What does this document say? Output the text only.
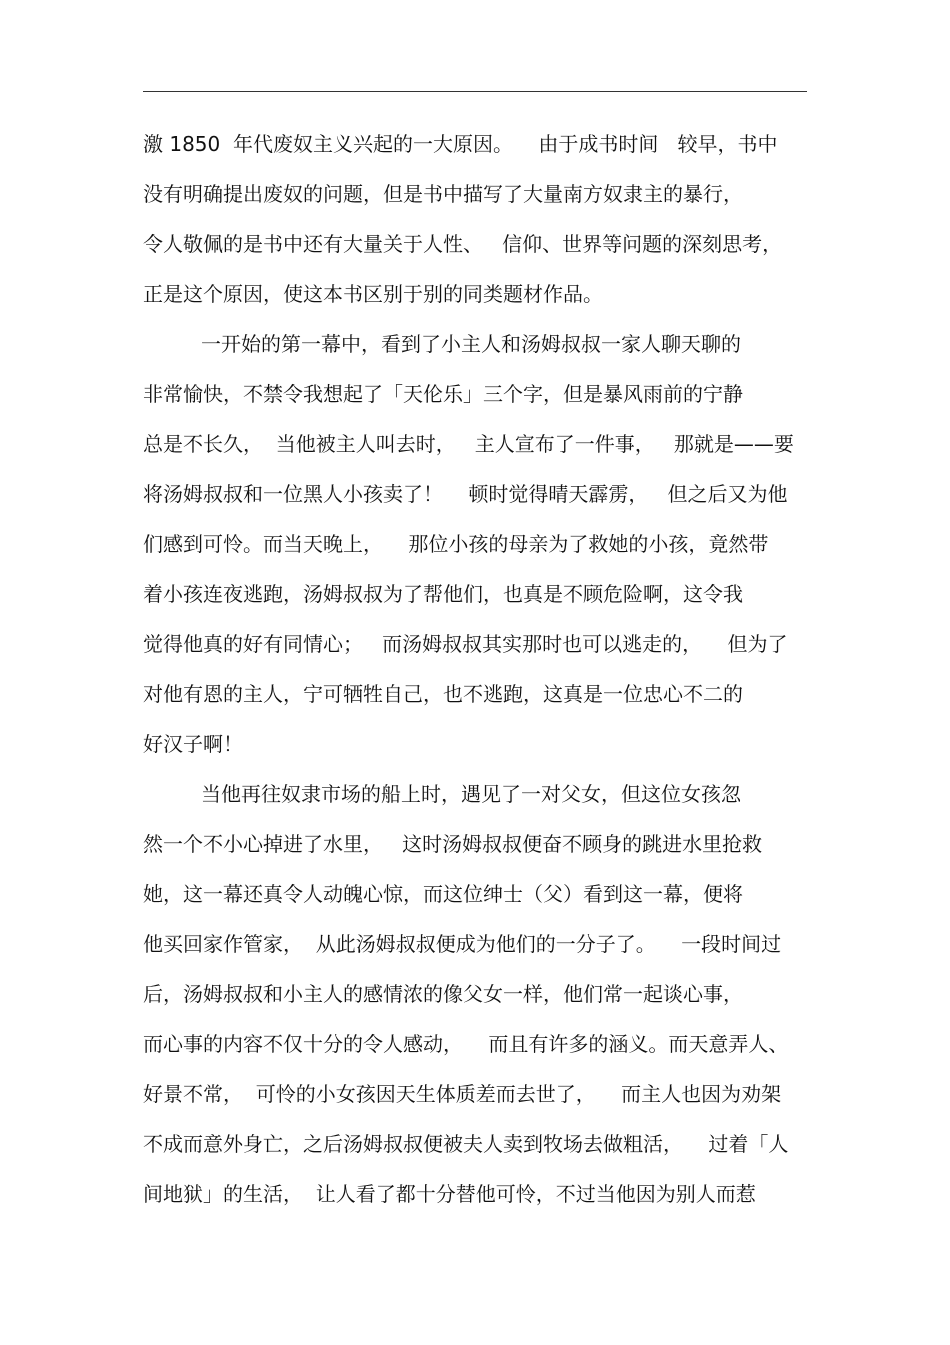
激 1850  年代废奴主义兴起的一大原因。    由于成书时间   较早，书中
没有明确提出废奴的问题，但是书中描写了大量南方奴隶主的暴行，
令人敬佩的是书中还有大量关于人性、   信仰、世界等问题的深刻思考，
正是这个原因，使这本书区别于别的同类题材作品。
一开始的第一幕中，看到了小主人和汤姆叔叔一家人聊天聊的
非常愉快，不禁令我想起了「天伦乐」三个字，但是暴风雨前的宁静
总是不长久，  当他被主人叫去时，   主人宣布了一件事，   那就是——要
将汤姆叔叔和一位黑人小孩卖了！    顿时觉得晴天霹雳，   但之后又为他
们感到可怜。而当天晚上，    那位小孩的母亲为了救她的小孩，竟然带
着小孩连夜逃跑，汤姆叔叔为了帮他们，也真是不顾危险啊，这令我
觉得他真的好有同情心；   而汤姆叔叔其实那时也可以逃走的，    但为了
对他有恩的主人，宁可牺牲自己，也不逃跑，这真是一位忠心不二的
好汉子啊！
当他再往奴隶市场的船上时，遇见了一对父女，但这位女孩忽
然一个不小心掉进了水里，   这时汤姆叔叔便奋不顾身的跳进水里抢救
她，这一幕还真令人动魄心惊，而这位绅士（父）看到这一幕，便将
他买回家作管家，  从此汤姆叔叔便成为他们的一分子了。    一段时间过
后，汤姆叔叔和小主人的感情浓的像父女一样，他们常一起谈心事，
而心事的内容不仅十分的令人感动，    而且有许多的涵义。而天意弄人、
好景不常，  可怜的小女孩因天生体质差而去世了，    而主人也因为劝架
不成而意外身亡，之后汤姆叔叔便被夫人卖到牧场去做粗活，    过着「人
间地狱」的生活，  让人看了都十分替他可怜，不过当他因为别人而惹
